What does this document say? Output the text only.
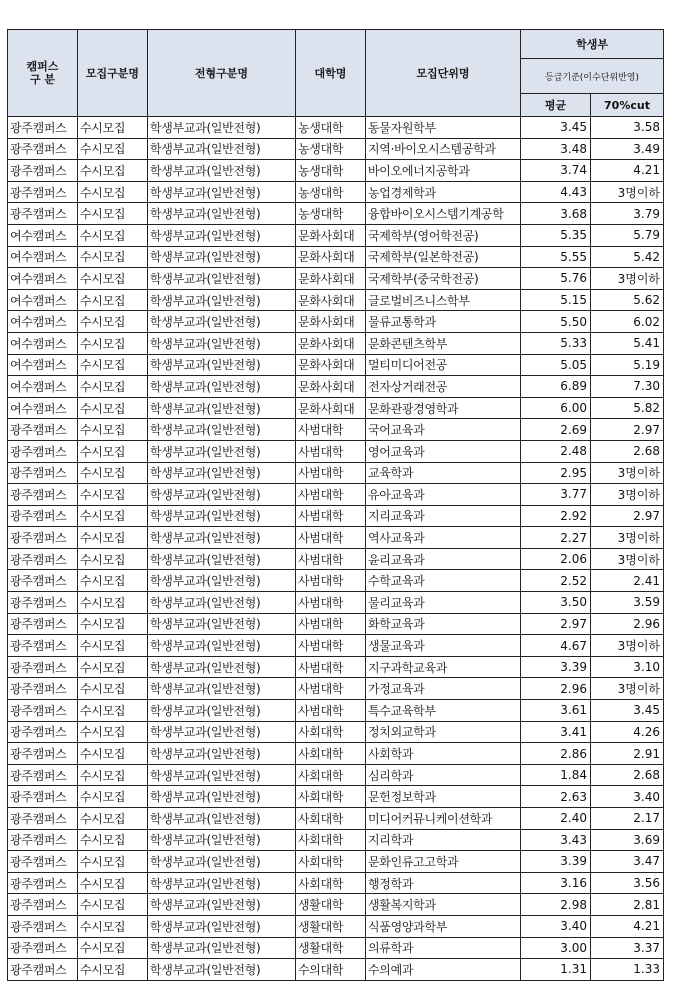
캠퍼스
구 분	모집구분명	전형구분명	대학명	모집단위명	학생부	
					등급기준(이수단위반영)	
					평균	70%cut
광주캠퍼스	수시모집	학생부교과(일반전형)	농생대학	동물자원학부	3.45	3.58
광주캠퍼스	수시모집	학생부교과(일반전형)	농생대학	지역·바이오시스템공학과	3.48	3.49
광주캠퍼스	수시모집	학생부교과(일반전형)	농생대학	바이오에너지공학과	3.74	4.21
광주캠퍼스	수시모집	학생부교과(일반전형)	농생대학	농업경제학과	4.43	3명이하
광주캠퍼스	수시모집	학생부교과(일반전형)	농생대학	융합바이오시스템기계공학	3.68	3.79
여수캠퍼스	수시모집	학생부교과(일반전형)	문화사회대	국제학부(영어학전공)	5.35	5.79
여수캠퍼스	수시모집	학생부교과(일반전형)	문화사회대	국제학부(일본학전공)	5.55	5.42
여수캠퍼스	수시모집	학생부교과(일반전형)	문화사회대	국제학부(중국학전공)	5.76	3명이하
여수캠퍼스	수시모집	학생부교과(일반전형)	문화사회대	글로벌비즈니스학부	5.15	5.62
여수캠퍼스	수시모집	학생부교과(일반전형)	문화사회대	물류교통학과	5.50	6.02
여수캠퍼스	수시모집	학생부교과(일반전형)	문화사회대	문화콘텐츠학부	5.33	5.41
여수캠퍼스	수시모집	학생부교과(일반전형)	문화사회대	멀티미디어전공	5.05	5.19
여수캠퍼스	수시모집	학생부교과(일반전형)	문화사회대	전자상거래전공	6.89	7.30
여수캠퍼스	수시모집	학생부교과(일반전형)	문화사회대	문화관광경영학과	6.00	5.82
광주캠퍼스	수시모집	학생부교과(일반전형)	사범대학	국어교육과	2.69	2.97
광주캠퍼스	수시모집	학생부교과(일반전형)	사범대학	영어교육과	2.48	2.68
광주캠퍼스	수시모집	학생부교과(일반전형)	사범대학	교육학과	2.95	3명이하
광주캠퍼스	수시모집	학생부교과(일반전형)	사범대학	유아교육과	3.77	3명이하
광주캠퍼스	수시모집	학생부교과(일반전형)	사범대학	지리교육과	2.92	2.97
광주캠퍼스	수시모집	학생부교과(일반전형)	사범대학	역사교육과	2.27	3명이하
광주캠퍼스	수시모집	학생부교과(일반전형)	사범대학	윤리교육과	2.06	3명이하
광주캠퍼스	수시모집	학생부교과(일반전형)	사범대학	수학교육과	2.52	2.41
광주캠퍼스	수시모집	학생부교과(일반전형)	사범대학	물리교육과	3.50	3.59
광주캠퍼스	수시모집	학생부교과(일반전형)	사범대학	화학교육과	2.97	2.96
광주캠퍼스	수시모집	학생부교과(일반전형)	사범대학	생물교육과	4.67	3명이하
광주캠퍼스	수시모집	학생부교과(일반전형)	사범대학	지구과학교육과	3.39	3.10
광주캠퍼스	수시모집	학생부교과(일반전형)	사범대학	가정교육과	2.96	3명이하
광주캠퍼스	수시모집	학생부교과(일반전형)	사범대학	특수교육학부	3.61	3.45
광주캠퍼스	수시모집	학생부교과(일반전형)	사회대학	정치외교학과	3.41	4.26
광주캠퍼스	수시모집	학생부교과(일반전형)	사회대학	사회학과	2.86	2.91
광주캠퍼스	수시모집	학생부교과(일반전형)	사회대학	심리학과	1.84	2.68
광주캠퍼스	수시모집	학생부교과(일반전형)	사회대학	문헌정보학과	2.63	3.40
광주캠퍼스	수시모집	학생부교과(일반전형)	사회대학	미디어커뮤니케이션학과	2.40	2.17
광주캠퍼스	수시모집	학생부교과(일반전형)	사회대학	지리학과	3.43	3.69
광주캠퍼스	수시모집	학생부교과(일반전형)	사회대학	문화인류고고학과	3.39	3.47
광주캠퍼스	수시모집	학생부교과(일반전형)	사회대학	행정학과	3.16	3.56
광주캠퍼스	수시모집	학생부교과(일반전형)	생활대학	생활복지학과	2.98	2.81
광주캠퍼스	수시모집	학생부교과(일반전형)	생활대학	식품영양과학부	3.40	4.21
광주캠퍼스	수시모집	학생부교과(일반전형)	생활대학	의류학과	3.00	3.37
광주캠퍼스	수시모집	학생부교과(일반전형)	수의대학	수의예과	1.31	1.33
